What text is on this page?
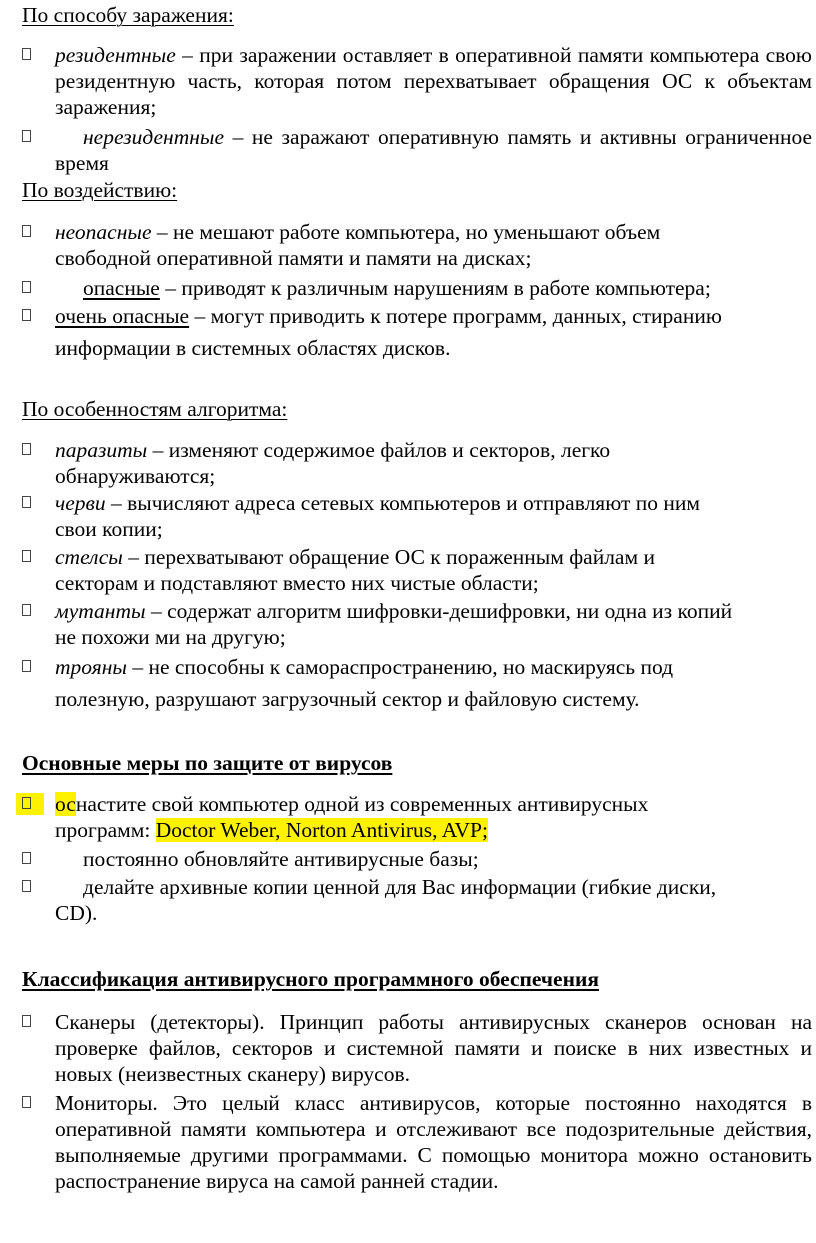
По способу заражения:
резидентные – при заражении оставляет в оперативной памяти компьютера свою резидентную часть, которая потом перехватывает обращения ОС к объектам заражения;
нерезидентные – не заражают оперативную память и активны ограниченное время
По воздействию:
неопасные – не мешают работе компьютера, но уменьшают объем
свободной оперативной памяти и памяти на дисках;
опасные – приводят к различным нарушениям в работе компьютера;
очень опасные – могут приводить к потере программ, данных, стиранию
информации в системных областях дисков.
По особенностям алгоритма:
паразиты – изменяют содержимое файлов и секторов, легко
обнаруживаются;
черви – вычисляют адреса сетевых компьютеров и отправляют по ним
свои копии;
стелсы – перехватывают обращение ОС к пораженным файлам и
секторам и подставляют вместо них чистые области;
мутанты – содержат алгоритм шифровки-дешифровки, ни одна из копий
не похожи ми на другую;
трояны – не способны к самораспространению, но маскируясь под
полезную, разрушают загрузочный сектор и файловую систему.
Основные меры по защите от вирусов
оснастите свой компьютер одной из современных антивирусных
программ: Doctor Weber, Norton Antivirus, AVP;
постоянно обновляйте антивирусные базы;
делайте архивные копии ценной для Вас информации (гибкие диски,
CD).
Классификация антивирусного программного обеспечения
Сканеры (детекторы). Принцип работы антивирусных сканеров основан на проверке файлов, секторов и системной памяти и поиске в них известных и новых (неизвестных сканеру) вирусов.
Мониторы. Это целый класс антивирусов, которые постоянно находятся в оперативной памяти компьютера и отслеживают все подозрительные действия, выполняемые другими программами. С помощью монитора можно остановить распостранение вируса на самой ранней стадии.
